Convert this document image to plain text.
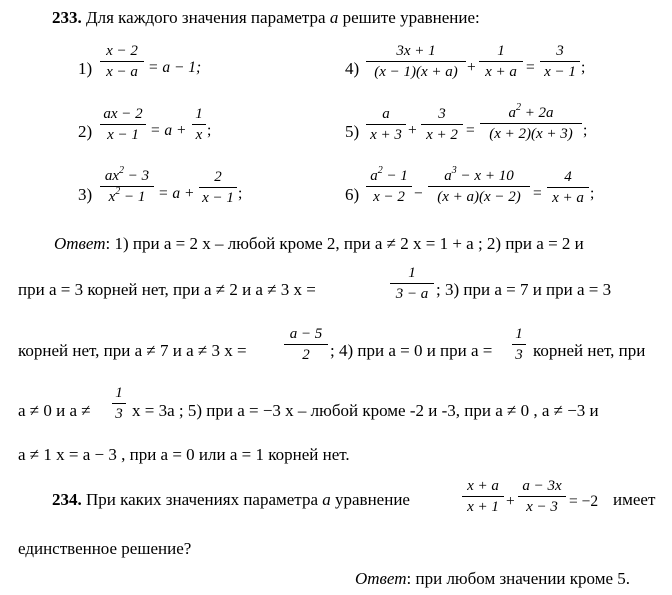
233. Для каждого значения параметра a решите уравнение:
1)
x − 2
x − a = a − 1;
2)
ax − 2
x − 1 = a +
1
x ;
3)
$ax^2 - 3$
$x^2 - 1 = a$ +
2
x − 1 ;
4)
3x + 1
(x − 1)(x + a) +
1
x + a =
3
x − 1 ;
5)
a
x + 3 +
3
x + 2 =
$a^2 + 2a$
(x + 2)(x + 3) ;
6)
$a^2 - 1$
x − 2 −
$a^3 - x + 10$
(x + a)(x − 2) =
4
x + a ;
Ответ: 1) при a = 2 x – любой кроме 2, при a ≠ 2 x = 1 + a ; 2) при a = 2 и
при a = 3 корней нет, при a ≠ 2 и a ≠ 3 x =
1
3 − a ; 3) при a = 7 и при a = 3
корней нет, при a ≠ 7 и a ≠ 3 x =
a − 5
2	; 4) при a = 0 и при a =
1
3 корней нет, при
a ≠ 0 и a ≠
1
3 x = 3a ; 5) при a = −3 x – любой кроме -2 и -3, при a ≠ 0 , a ≠ −3 и
a ≠ 1 x = a − 3 , при a = 0 или a = 1 корней нет.
234. При каких значениях параметра a уравнение
x + a
x + 1 +
a − 3x
x − 3 = −2 имеет
единственное решение?
Ответ: при любом значении кроме 5.
